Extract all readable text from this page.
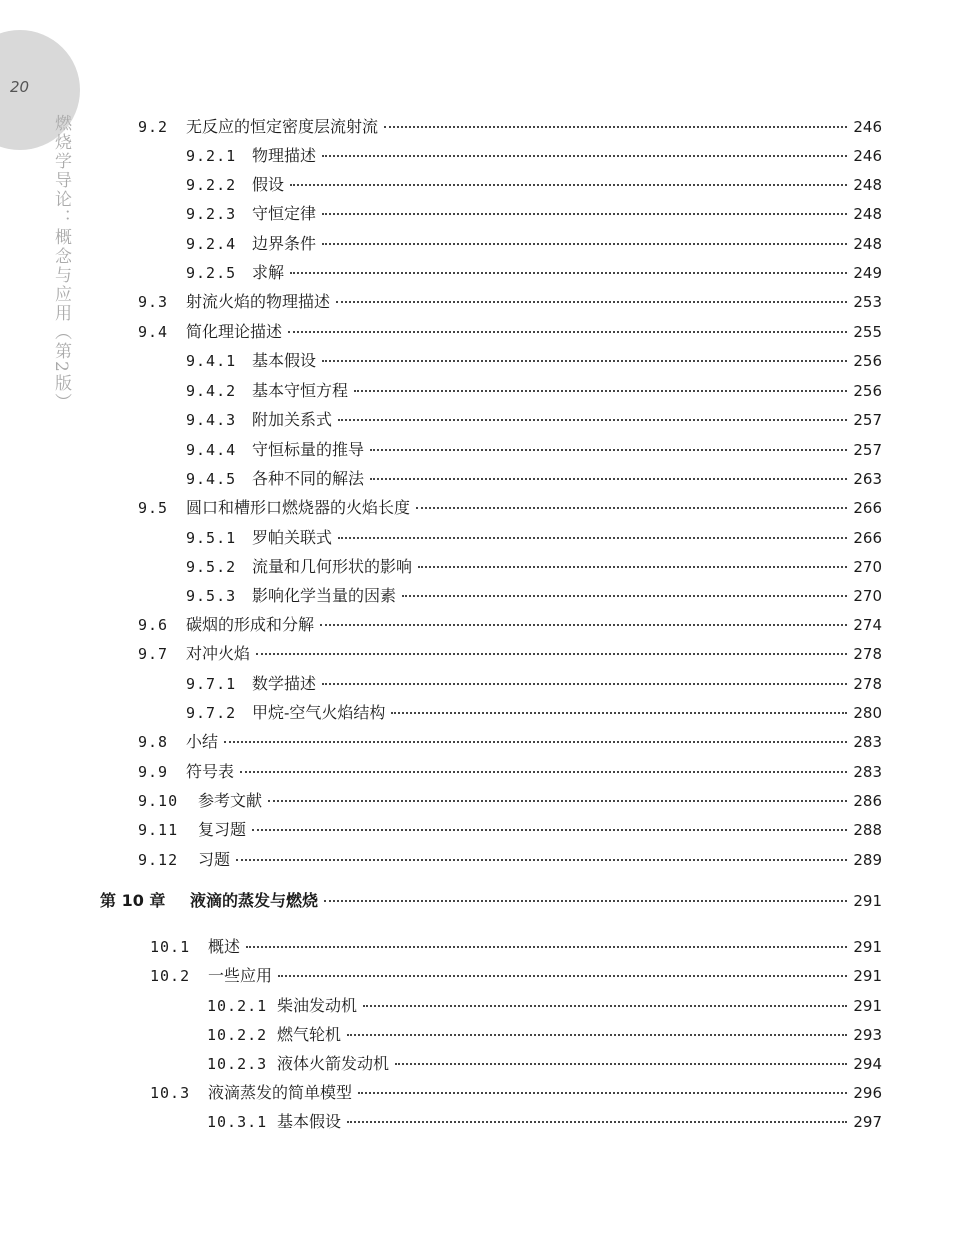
20
燃烧学导论：概念与应用（第2版）	9.2	无反应的恒定密度层流射流	246
9.2.1 物理描述	246
9.2.2 假设	248
9.2.3 守恒定律	248
9.2.4 边界条件	248
9.2.5 求解	249
9.3	射流火焰的物理描述	253
9.4	简化理论描述	255
9.4.1 基本假设	256
9.4.2 基本守恒方程	256
9.4.3 附加关系式	257
9.4.4 守恒标量的推导	257
9.4.5 各种不同的解法	263
9.5	圆口和槽形口燃烧器的火焰长度	266
9.5.1 罗帕关联式	266
9.5.2 流量和几何形状的影响	270
9.5.3 影响化学当量的因素	270
9.6	碳烟的形成和分解	274
9.7	对冲火焰	278
9.7.1 数学描述	278
9.7.2 甲烷-空气火焰结构	280
9.8	小结	283
9.9	符号表	283
9.10	参考文献	286
9.11	复习题	288
9.12	习题	289
第 10 章	液滴的蒸发与燃烧	291
10.1	概述	291
10.2	一些应用	291
10.2.1 柴油发动机	291
10.2.2 燃气轮机	293
10.2.3 液体火箭发动机	294
10.3	液滴蒸发的简单模型	296
10.3.1 基本假设	297
